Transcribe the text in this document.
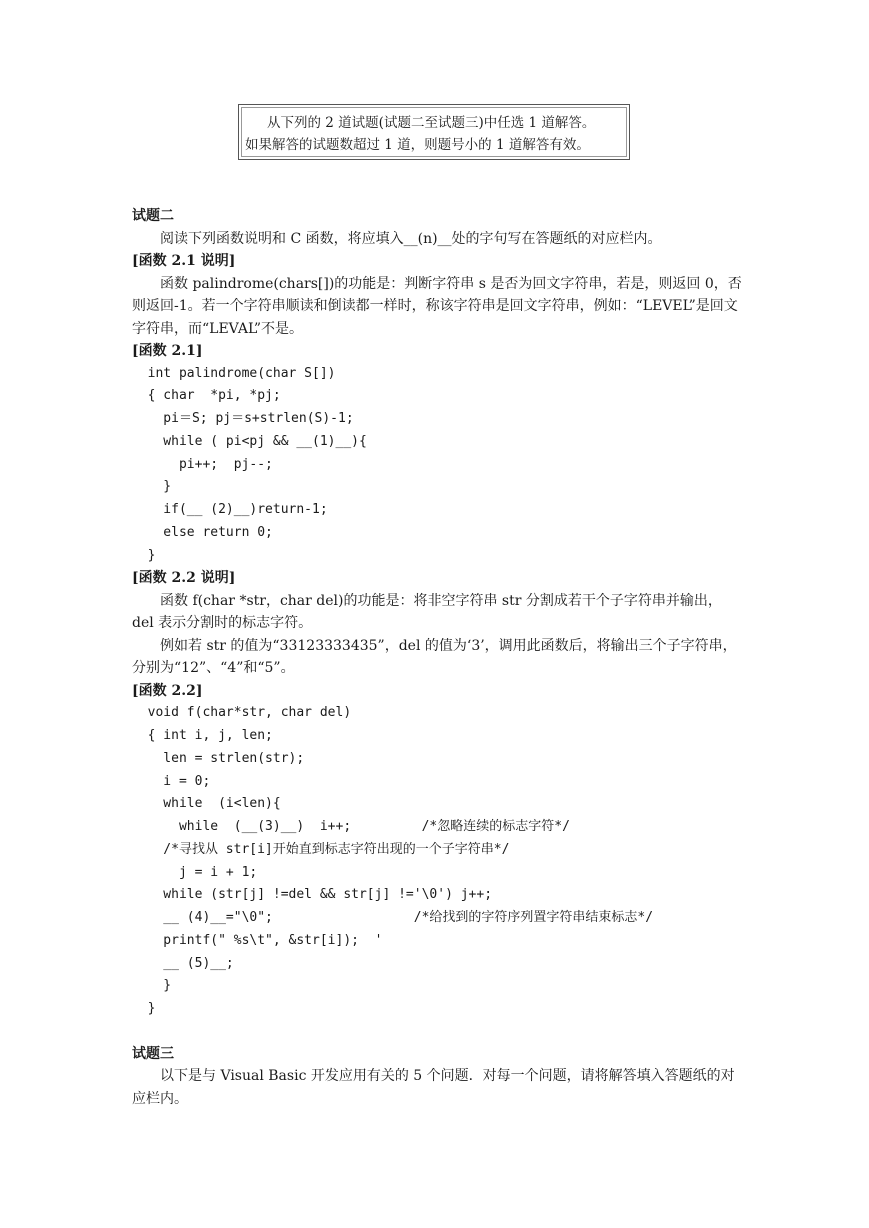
从下列的 2 道试题(试题二至试题三)中任选 1 道解答。
如果解答的试题数超过 1 道，则题号小的 1 道解答有效。

试题二

阅读下列函数说明和 C 函数，将应填入__(n)__处的字句写在答题纸的对应栏内。

[函数 2.1 说明]

函数 palindrome(chars[])的功能是：判断字符串 s 是否为回文字符串，若是，则返回 0，否则返回-1。若一个字符串顺读和倒读都一样时，称该字符串是回文字符串，例如：“LEVEL”是回文字符串，而“LEVAL”不是。

[函数 2.1]

int palindrome(char S[])
{ char  *pi, *pj;
pi＝S; pj＝s+strlen(S)-1;
while ( pi<pj && __(1)__){
pi++;  pj--;
}
if(__ (2)__)return-1;
else return 0;
}

[函数 2.2 说明]

函数 f(char *str，char del)的功能是：将非空字符串 str 分割成若干个子字符串并输出，del 表示分割时的标志字符。

例如若 str 的值为“33123333435”，del 的值为‘3’，调用此函数后，将输出三个子字符串，分别为“12”、“4”和“5”。

[函数 2.2]

void f(char*str, char del)
{ int i, j, len;
len = strlen(str);
i = 0;
while  (i<len){
while  (__(3)__)  i++;         /*忽略连续的标志字符*/
/*寻找从 str[i]开始直到标志字符出现的一个子字符串*/
j = i + 1;
while (str[j] !=del && str[j] !='\0') j++;
__ (4)__="\0";                  /*给找到的字符序列置字符串结束标志*/
printf(" %s\t", &str[i]);  '
__ (5)__;
}
}

试题三

以下是与 Visual Basic 开发应用有关的 5 个问题．对每一个问题，请将解答填入答题纸的对应栏内。
